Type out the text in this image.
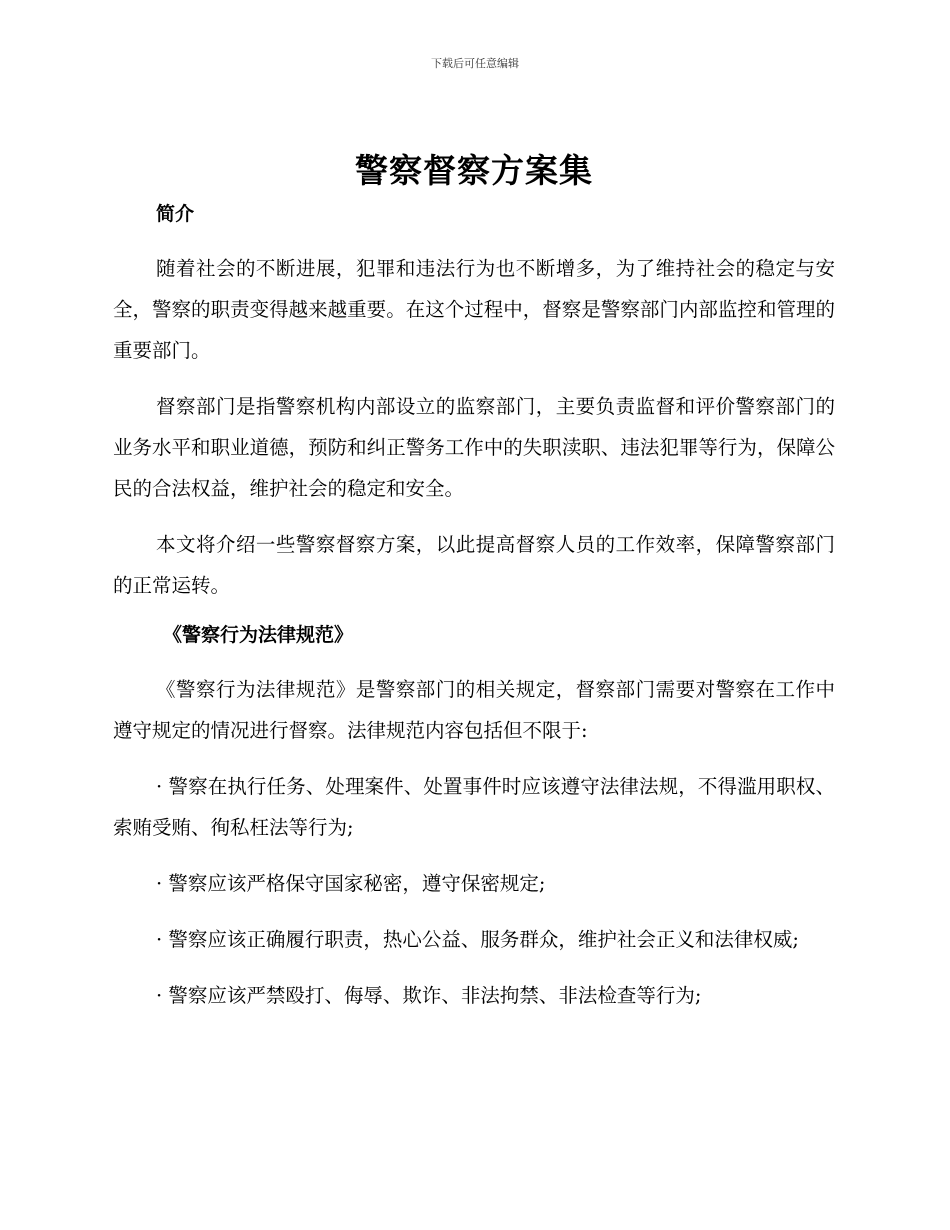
下载后可任意编辑
警察督察方案集
简介

随着社会的不断进展，犯罪和违法行为也不断增多，为了维持社会的稳定与安全，警察的职责变得越来越重要。在这个过程中，督察是警察部门内部监控和管理的重要部门。

督察部门是指警察机构内部设立的监察部门，主要负责监督和评价警察部门的业务水平和职业道德，预防和纠正警务工作中的失职渎职、违法犯罪等行为，保障公民的合法权益，维护社会的稳定和安全。

本文将介绍一些警察督察方案，以此提高督察人员的工作效率，保障警察部门的正常运转。

《警察行为法律规范》

《警察行为法律规范》是警察部门的相关规定，督察部门需要对警察在工作中遵守规定的情况进行督察。法律规范内容包括但不限于:

· 警察在执行任务、处理案件、处置事件时应该遵守法律法规，不得滥用职权、索贿受贿、徇私枉法等行为;

· 警察应该严格保守国家秘密，遵守保密规定;

· 警察应该正确履行职责，热心公益、服务群众，维护社会正义和法律权威;

· 警察应该严禁殴打、侮辱、欺诈、非法拘禁、非法检查等行为;
